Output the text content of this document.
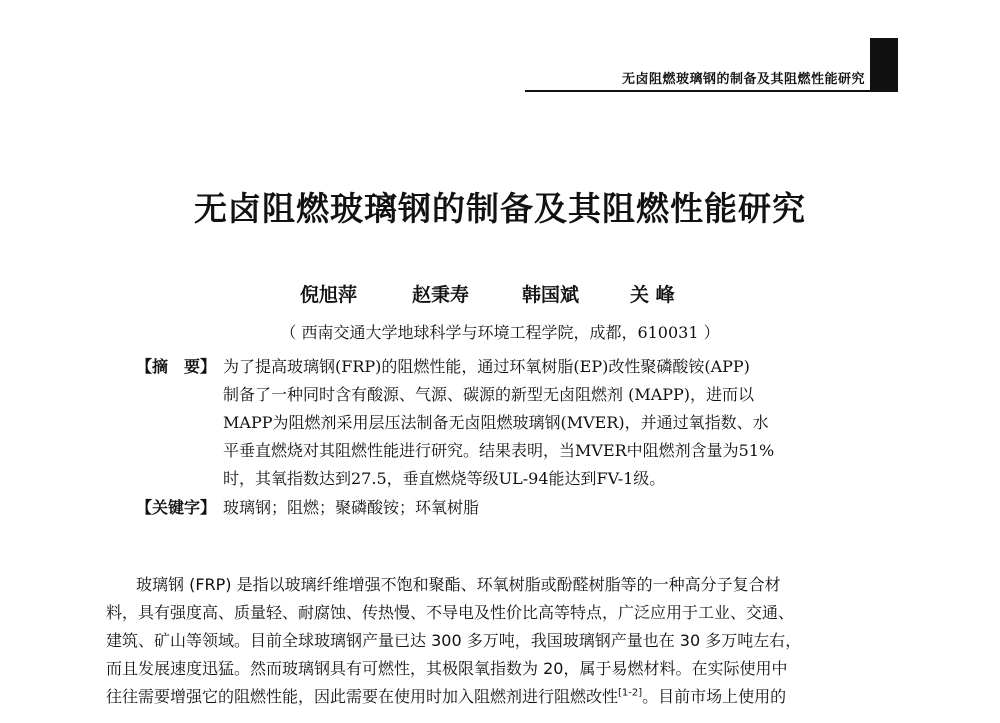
无卤阻燃玻璃钢的制备及其阻燃性能研究
无卤阻燃玻璃钢的制备及其阻燃性能研究
倪旭萍	赵秉寿	韩国斌	关 峰
（ 西南交通大学地球科学与环境工程学院，成都，610031 ）
【摘　要】 为了提高玻璃钢(FRP)的阻燃性能，通过环氧树脂(EP)改性聚磷酸铵(APP)
制备了一种同时含有酸源、气源、碳源的新型无卤阻燃剂 (MAPP)，进而以
MAPP为阻燃剂采用层压法制备无卤阻燃玻璃钢(MVER)，并通过氧指数、水
平垂直燃烧对其阻燃性能进行研究。结果表明，当MVER中阻燃剂含量为51%
时，其氧指数达到27.5，垂直燃烧等级UL-94能达到FV-1级。
【关键字】 玻璃钢；阻燃；聚磷酸铵；环氧树脂
玻璃钢 (FRP) 是指以玻璃纤维增强不饱和聚酯、环氧树脂或酚醛树脂等的一种高分子复合材
料，具有强度高、质量轻、耐腐蚀、传热慢、不导电及性价比高等特点，广泛应用于工业、交通、
建筑、矿山等领域。目前全球玻璃钢产量已达 300 多万吨，我国玻璃钢产量也在 30 多万吨左右，
而且发展速度迅猛。然而玻璃钢具有可燃性，其极限氧指数为 20，属于易燃材料。在实际使用中
往往需要增强它的阻燃性能，因此需要在使用时加入阻燃剂进行阻燃改性[1-2]。目前市场上使用的
